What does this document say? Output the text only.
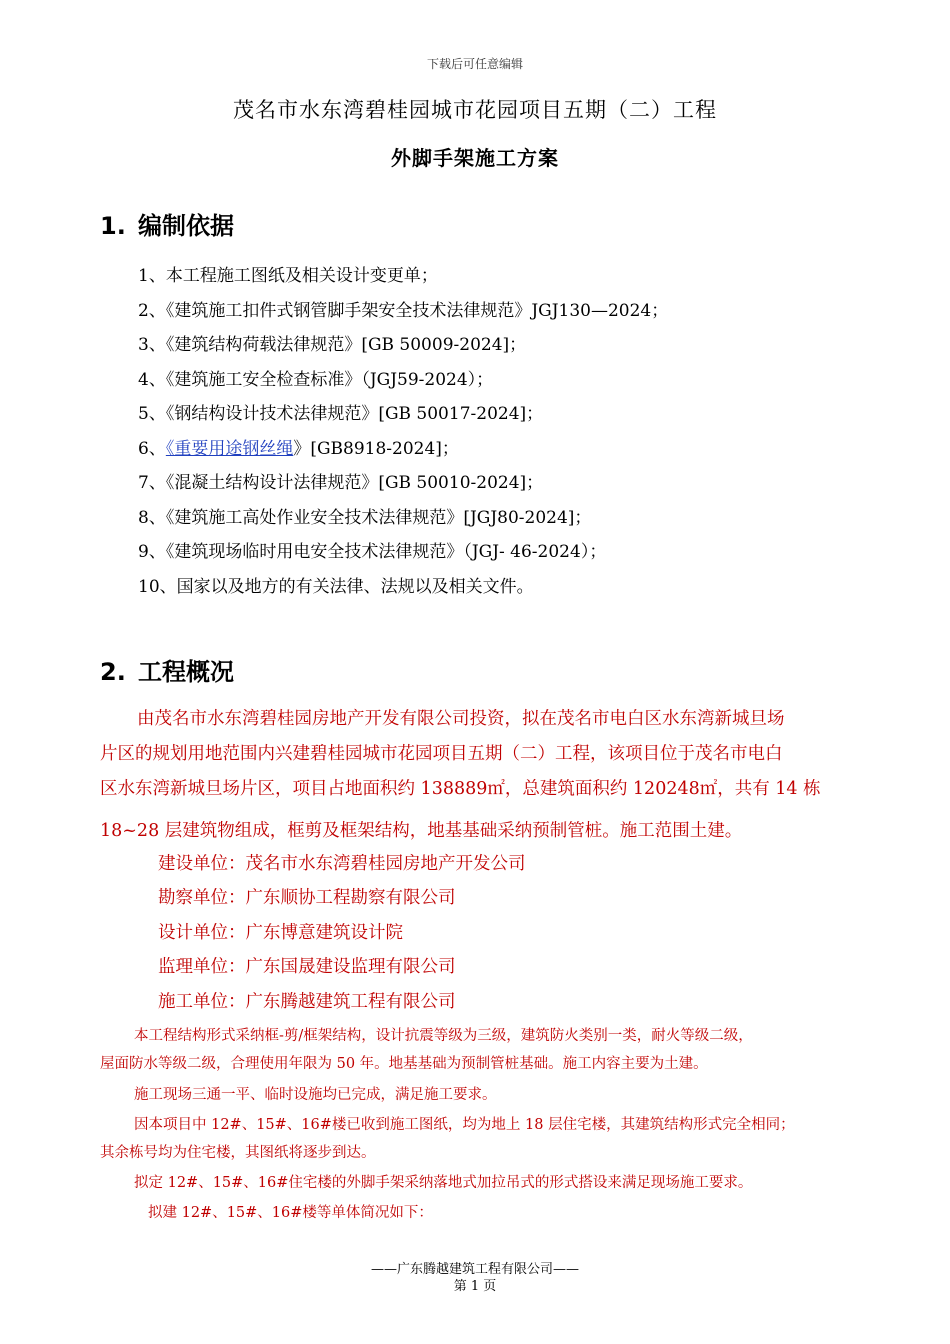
下载后可任意编辑
茂名市水东湾碧桂园城市花园项目五期（二）工程
外脚手架施工方案
1. 编制依据
1、本工程施工图纸及相关设计变更单；
2、《建筑施工扣件式钢管脚手架安全技术法律规范》JGJ130—2024；
3、《建筑结构荷载法律规范》[GB 50009-2024]；
4、《建筑施工安全检查标准》（JGJ59-2024）；
5、《钢结构设计技术法律规范》[GB 50017-2024]；
6、《重要用途钢丝绳》[GB8918-2024]；
7、《混凝土结构设计法律规范》[GB 50010-2024]；
8、《建筑施工高处作业安全技术法律规范》[JGJ80-2024]；
9、《建筑现场临时用电安全技术法律规范》（JGJ- 46-2024）；
10、国家以及地方的有关法律、法规以及相关文件。
2. 工程概况
由茂名市水东湾碧桂园房地产开发有限公司投资，拟在茂名市电白区水东湾新城旦场
片区的规划用地范围内兴建碧桂园城市花园项目五期（二）工程，该项目位于茂名市电白
区水东湾新城旦场片区，项目占地面积约 138889㎡，总建筑面积约 120248㎡，共有 14 栋
18~28 层建筑物组成，框剪及框架结构，地基基础采纳预制管桩。施工范围土建。
建设单位：茂名市水东湾碧桂园房地产开发公司
勘察单位：广东顺协工程勘察有限公司
设计单位：广东博意建筑设计院
监理单位：广东国晟建设监理有限公司
施工单位：广东腾越建筑工程有限公司
本工程结构形式采纳框-剪/框架结构，设计抗震等级为三级，建筑防火类别一类，耐火等级二级，
屋面防水等级二级，合理使用年限为 50 年。地基基础为预制管桩基础。施工内容主要为土建。
施工现场三通一平、临时设施均已完成，满足施工要求。
因本项目中 12#、15#、16#楼已收到施工图纸，均为地上 18 层住宅楼，其建筑结构形式完全相同；
其余栋号均为住宅楼，其图纸将逐步到达。
拟定 12#、15#、16#住宅楼的外脚手架采纳落地式加拉吊式的形式搭设来满足现场施工要求。
拟建 12#、15#、16#楼等单体简况如下：
——广东腾越建筑工程有限公司——
第 1 页
